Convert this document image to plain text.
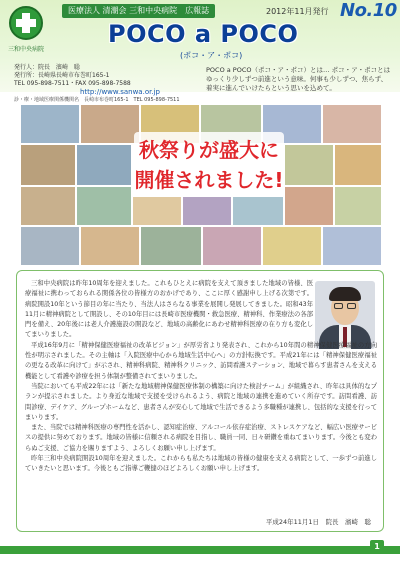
三和中央病院
医療法人 清潮会 三和中央病院　広報誌	2012年11月発行 No.10
POCO a POCO
(ポコ・ア・ポコ)
発行人：院長　濱崎　聡
発行所：長崎県長崎市布巻町165-1
TEL 095-898-7511・FAX 095-898-7588
POCO a POCO（ポコ・ア・ポコ）とは… ポコ・ア・ポコとはゆっくり少しずつ前進という意味。何事も少しずつ、焦らず、着実に進んでいけたらという思いを込めて。
http://www.sanwa.or.jp
診・療・地域医療関係機関名　長崎市布巻町165-1　TEL 095-898-7511
秋祭りが盛大に
開催されました!

三和中央病院は昨年10周年を迎えました。これもひとえに病院を支えて頂きました地域の皆様、医療福祉に携わっておられる関係各位の皆様方のおかげであり、ここに厚く感謝申し上げる次第です。病院開設10年という節目の年に当たり、当法人はさらなる事業を展開し発展してきました。昭和43年11月に精神病院として開設し、その10年目には長崎市医療機関・救急医療、精神科、作業療法の各部門を備え、20年後には老人介護施設の開設など、地域の高齢化にあわせ精神科医療の在り方も変化してまいりました。

平成16年9月に「精神保健医療福祉の改革ビジョン」が厚労省より発表され、これから10年間の精神保健医療福祉の方向性が明示されました。その主軸は「入院医療中心から地域生活中心へ」の方針転換です。平成21年には「精神保健医療福祉の更なる改革に向けて」が示され、精神科病院、精神科クリニック、訪問看護ステーション、地域で暮らす患者さんを支える機能として看護や診療を担う体制が整備されてまいりました。

当院においても平成22年には「新たな地域精神保健医療体制の構築に向けた検討チーム」が組織され、昨年は具体的なプランが提示されました。より身近な地域で支援を受けられるよう、病院と地域の連携を進めていく所存です。訪問看護、訪問診療、デイケア、グループホームなど、患者さんが安心して地域で生活できるよう多職種が連携し、包括的な支援を行ってまいります。

また、当院では精神科医療の専門性を活かし、認知症治療、アルコール依存症治療、ストレスケアなど、幅広い医療サービスの提供に努めております。地域の皆様に信頼される病院を目指し、職員一同、日々研鑽を重ねてまいります。今後とも変わらぬご支援、ご協力を賜りますよう、よろしくお願い申し上げます。

昨年三和中央病院開設10周年を迎えました。これからも私たちは地域の皆様の健康を支える病院として、一歩ずつ前進していきたいと思います。今後ともご指導ご鞭撻のほどよろしくお願い申し上げます。

平成24年11月1日　院長　濱崎　聡
1
